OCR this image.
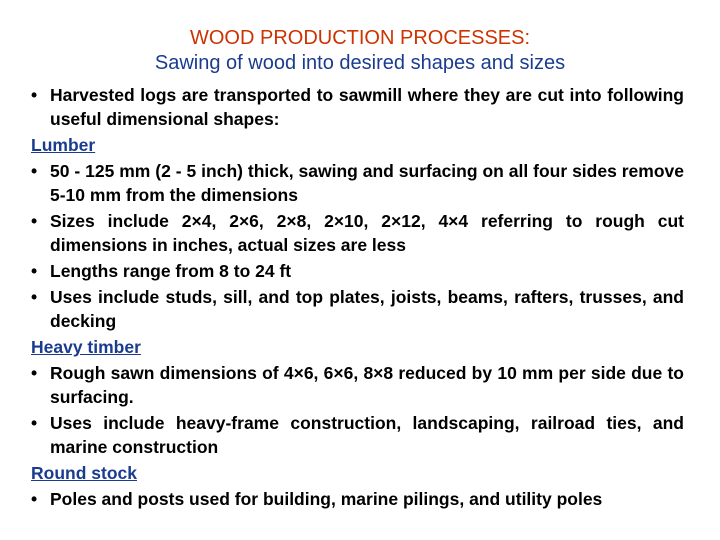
WOOD PRODUCTION PROCESSES:
Sawing of wood into desired shapes and sizes
• Harvested logs are transported to sawmill where they are cut into following useful dimensional shapes:
Lumber
• 50 - 125 mm (2 - 5 inch) thick, sawing and surfacing on all four sides remove 5-10 mm from the dimensions
• Sizes include 2×4, 2×6, 2×8, 2×10, 2×12, 4×4 referring to rough cut dimensions in inches, actual sizes are less
• Lengths range from 8 to 24 ft
• Uses include studs, sill, and top plates, joists, beams, rafters, trusses, and decking
Heavy timber
• Rough sawn dimensions of 4×6, 6×6, 8×8 reduced by 10 mm per side due to surfacing.
• Uses include heavy-frame construction, landscaping, railroad ties, and marine construction
Round stock
• Poles and posts used for building, marine pilings, and utility poles
